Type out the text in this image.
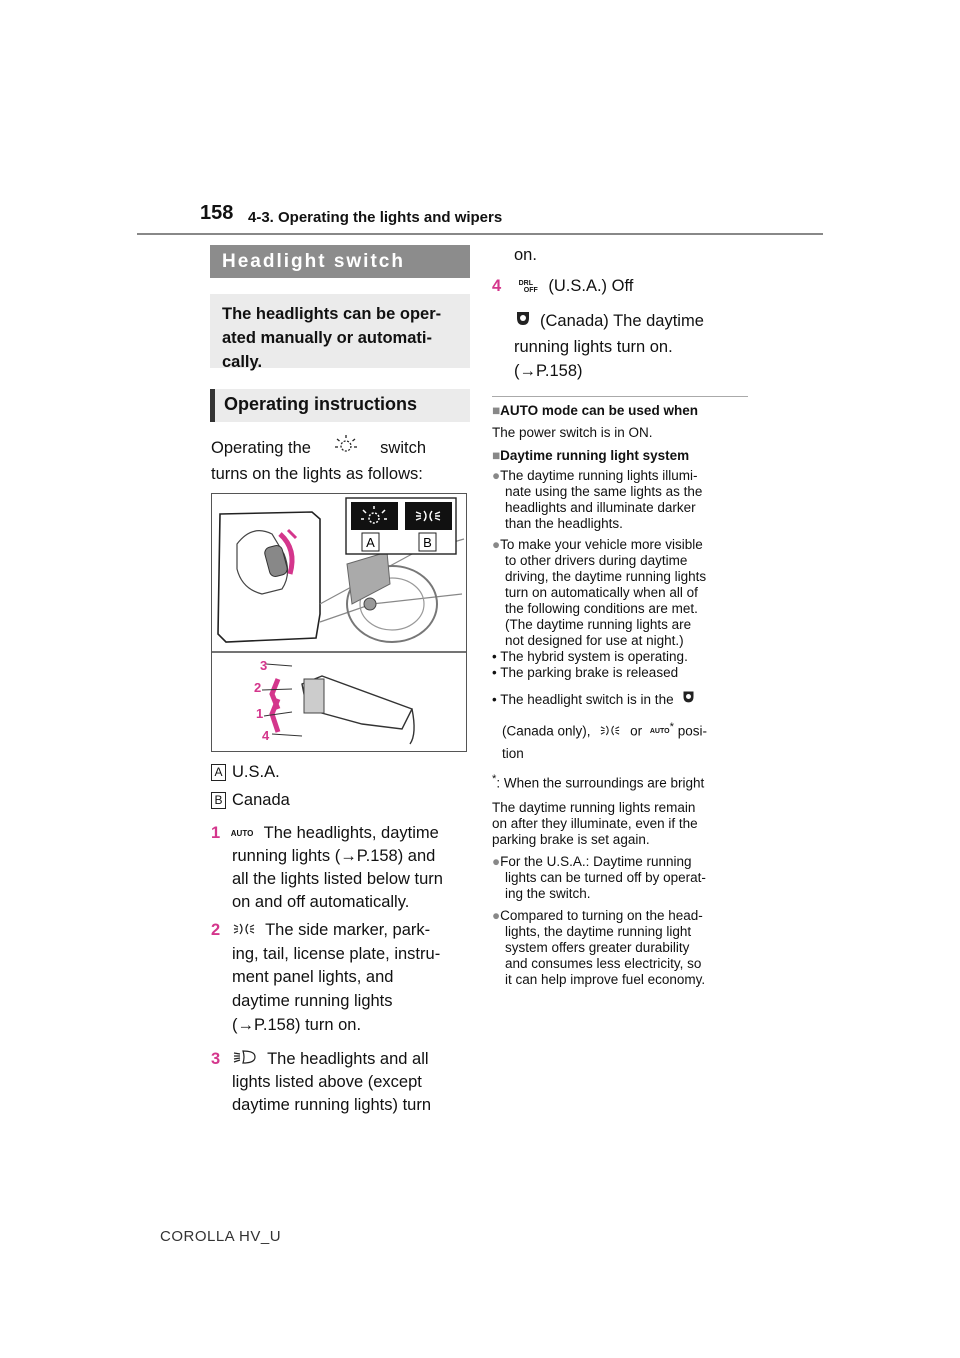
158 4-3. Operating the lights and wipers
Headlight switch
The headlights can be oper-
ated manually or automati-
cally.
Operating instructions
Operating the	switch
turns on the lights as follows:
A	B
3
2
1
4
A U.S.A.
B Canada
1 AUTO The headlights, daytime
running lights (→P.158) and
all the lights listed below turn
on and off automatically.
2	The side marker, park-
ing, tail, license plate, instru-
ment panel lights, and
daytime running lights
(→P.158) turn on.
3	The headlights and all
lights listed above (except
daytime running lights) turn
on.
4 DRL
OFF (U.S.A.) Off
(Canada) The daytime
running lights turn on.
(→P.158)
■AUTO mode can be used when
The power switch is in ON.
■Daytime running light system
●The daytime running lights illumi-
nate using the same lights as the
headlights and illuminate darker
than the headlights.
●To make your vehicle more visible
to other drivers during daytime
driving, the daytime running lights
turn on automatically when all of
the following conditions are met.
(The daytime running lights are
not designed for use at night.)
• The hybrid system is operating.
• The parking brake is released
• The headlight switch is in the
(Canada only),	or AUTO* posi-
tion
*: When the surroundings are bright
The daytime running lights remain
on after they illuminate, even if the
parking brake is set again.
●For the U.S.A.: Daytime running
lights can be turned off by operat-
ing the switch.
●Compared to turning on the head-
lights, the daytime running light
system offers greater durability
and consumes less electricity, so
it can help improve fuel economy.
COROLLA HV_U
